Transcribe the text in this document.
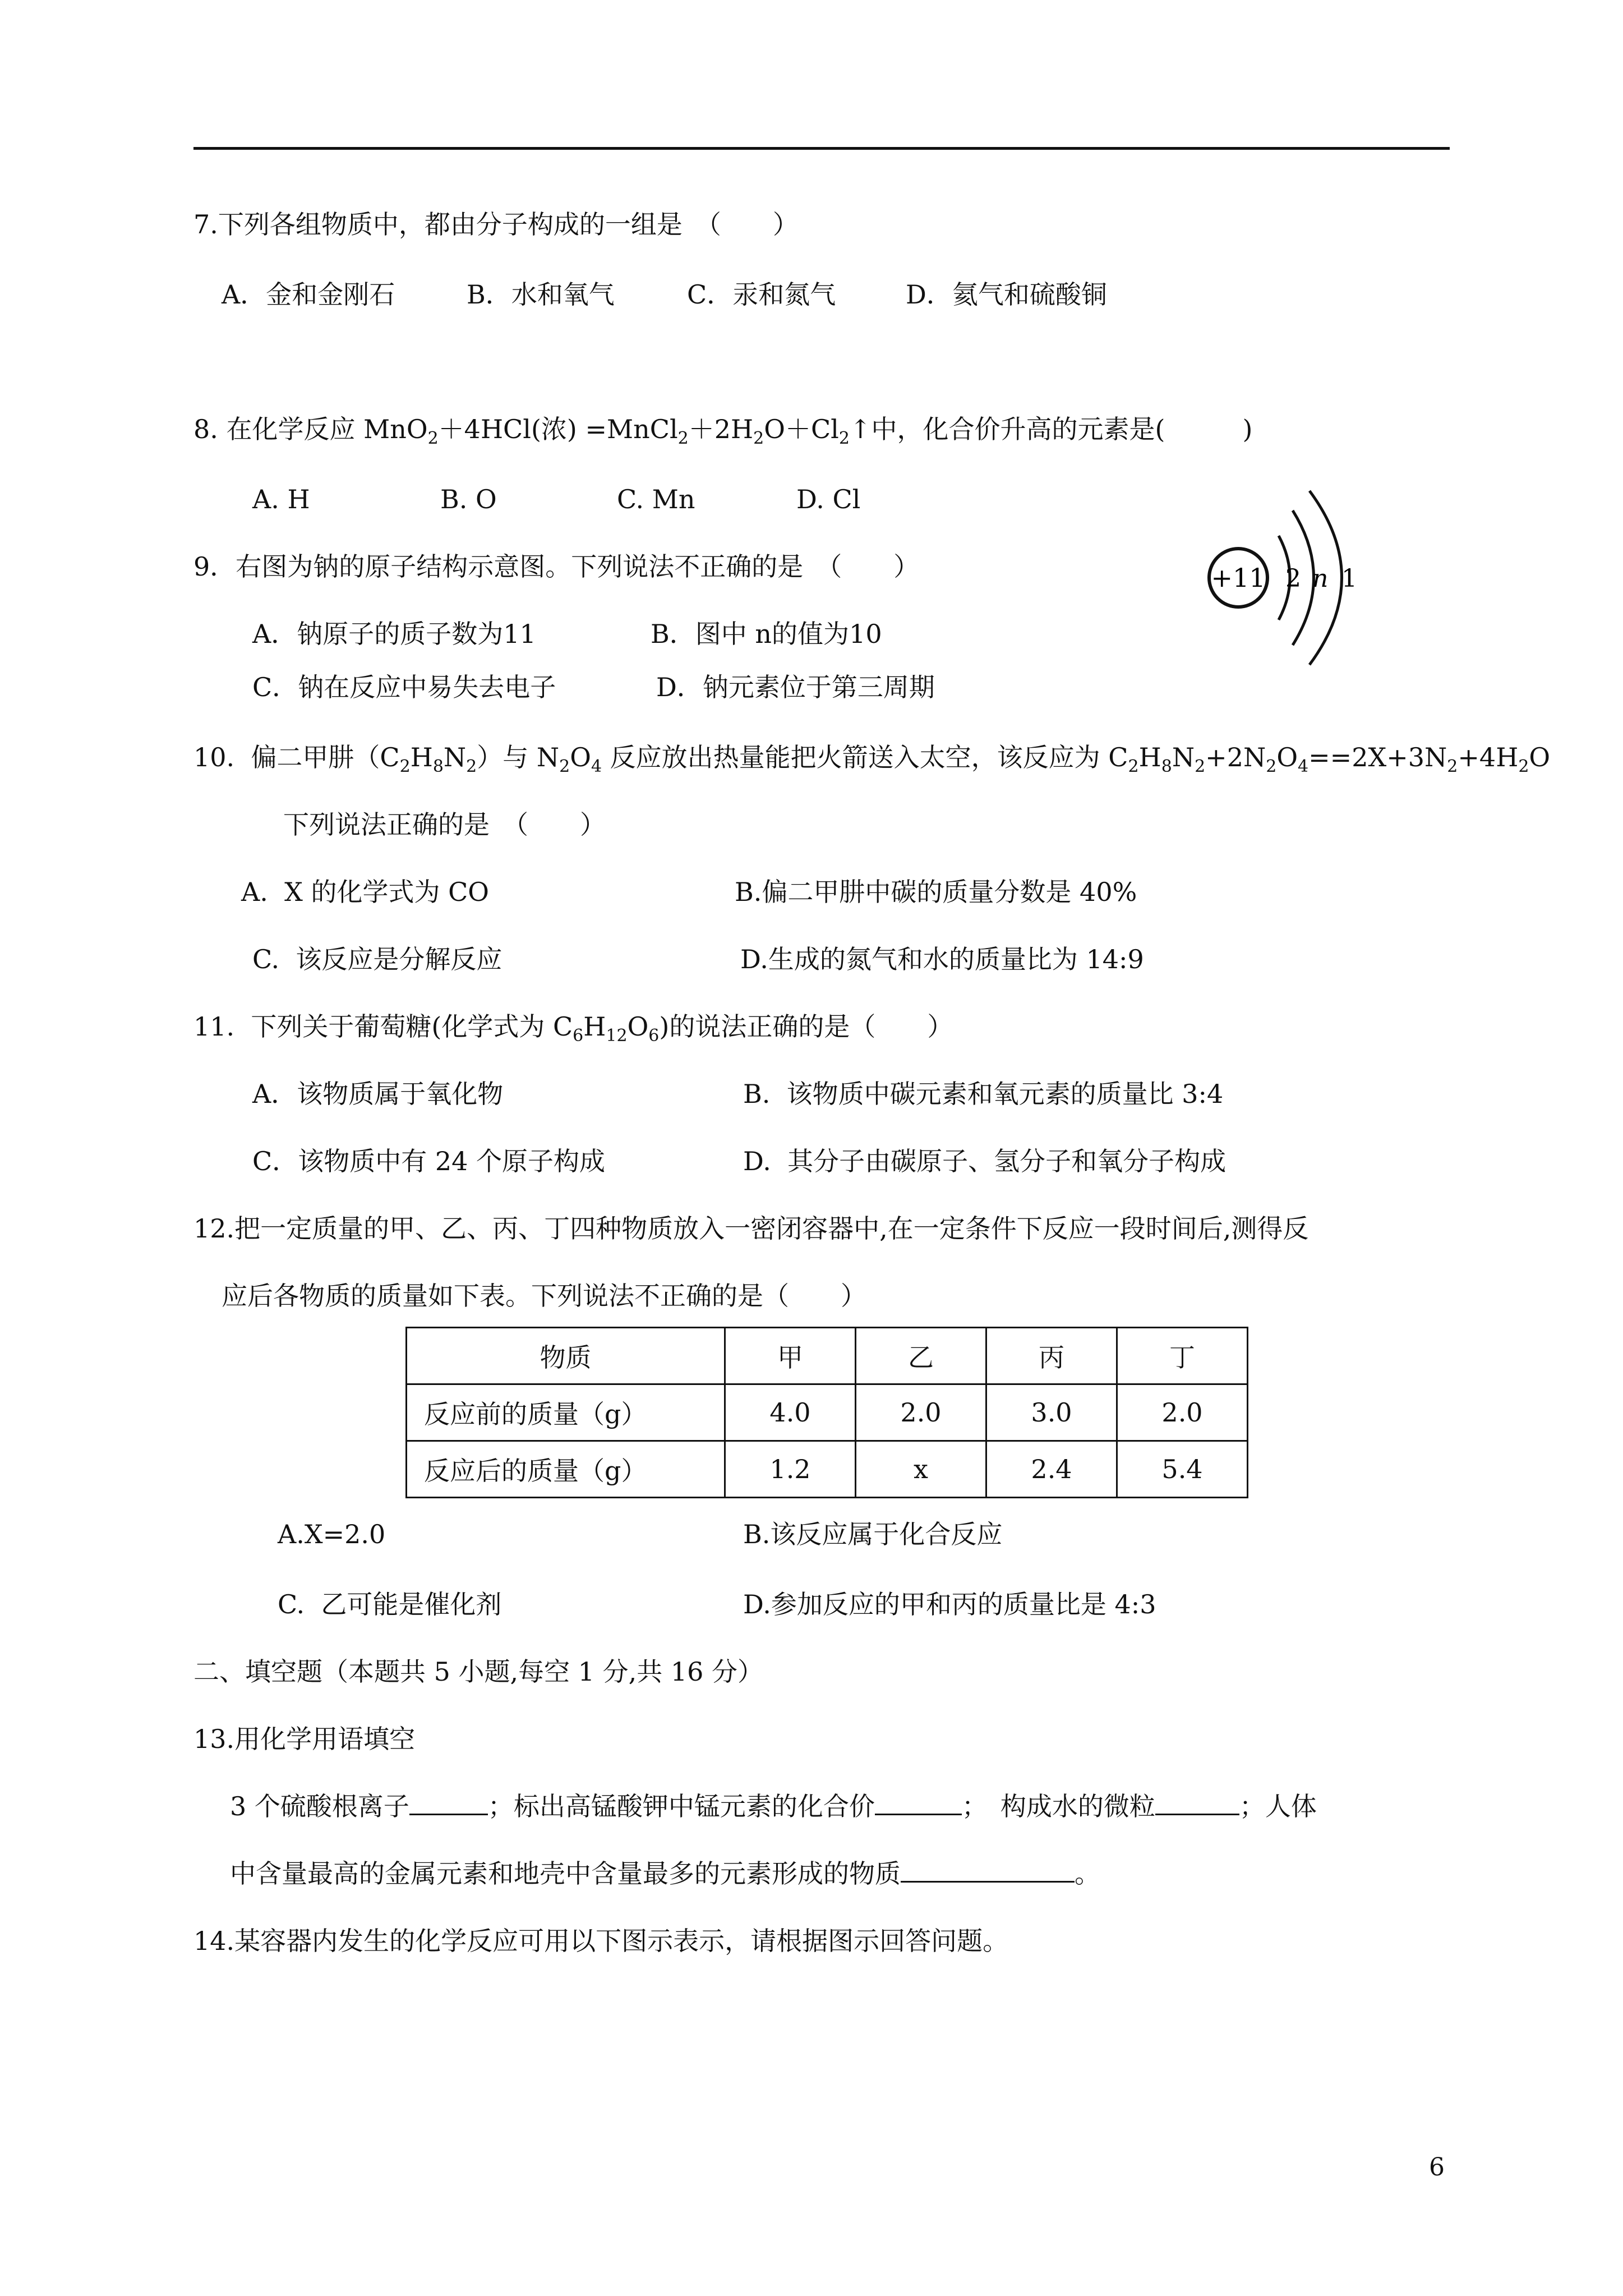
7.下列各组物质中，都由分子构成的一组是　（　　）
A．金和金刚石	B．水和氧气	C．汞和氮气	D．氦气和硫酸铜
8. 在化学反应 MnO$_2$＋4HCl(浓) $=MnCl_2+2H_2O+Cl_2↑$中，化合价升高的元素是(　　　)
A. H	B. O	C. Mn	D. Cl
9．右图为钠的原子结构示意图。下列说法不正确的是　（　　）
A．钠原子的质子数为11	B．图中 n的值为10
C．钠在反应中易失去电子	D．钠元素位于第三周期
+11 2 n 1
10.  偏二甲肼$(C_2H_8N_2)$与 $N_2O_4$ 反应放出热量能把火箭送入太空，该反应为 $C_2H_8N_2+2N_2O_4==2X+3N_2+4H_2O$
下列说法正确的是　（　　）
A.  X 的化学式为 CO	B.偏二甲肼中碳的质量分数是 40%
C.  该反应是分解反应	D.生成的氮气和水的质量比为 14:9
11.  下列关于葡萄糖(化学式为 $C_6H_{12}O_6$)的说法正确的是（　　）
A．该物质属于氧化物	B.  该物质中碳元素和氧元素的质量比 3:4
C．该物质中有 24 个原子构成	D.  其分子由碳原子、氢分子和氧分子构成
12.把一定质量的甲、乙、丙、丁四种物质放入一密闭容器中,在一定条件下反应一段时间后,测得反
应后各物质的质量如下表。下列说法不正确的是（　　）
物质	甲	乙	丙	丁
反应前的质量（g）	4.0	2.0	3.0	2.0
反应后的质量（g）	1.2	x	2.4	5.4
A.X=2.0	B.该反应属于化合反应
C.  乙可能是催化剂	D.参加反应的甲和丙的质量比是 4:3
二、填空题（本题共 5 小题,每空 1 分,共 16 分）
13.用化学用语填空
3 个硫酸根离子	；标出高锰酸钾中锰元素的化合价	；　构成水的微粒	；人体
中含量最高的金属元素和地壳中含量最多的元素形成的物质	。
14.某容器内发生的化学反应可用以下图示表示，请根据图示回答问题。
6
